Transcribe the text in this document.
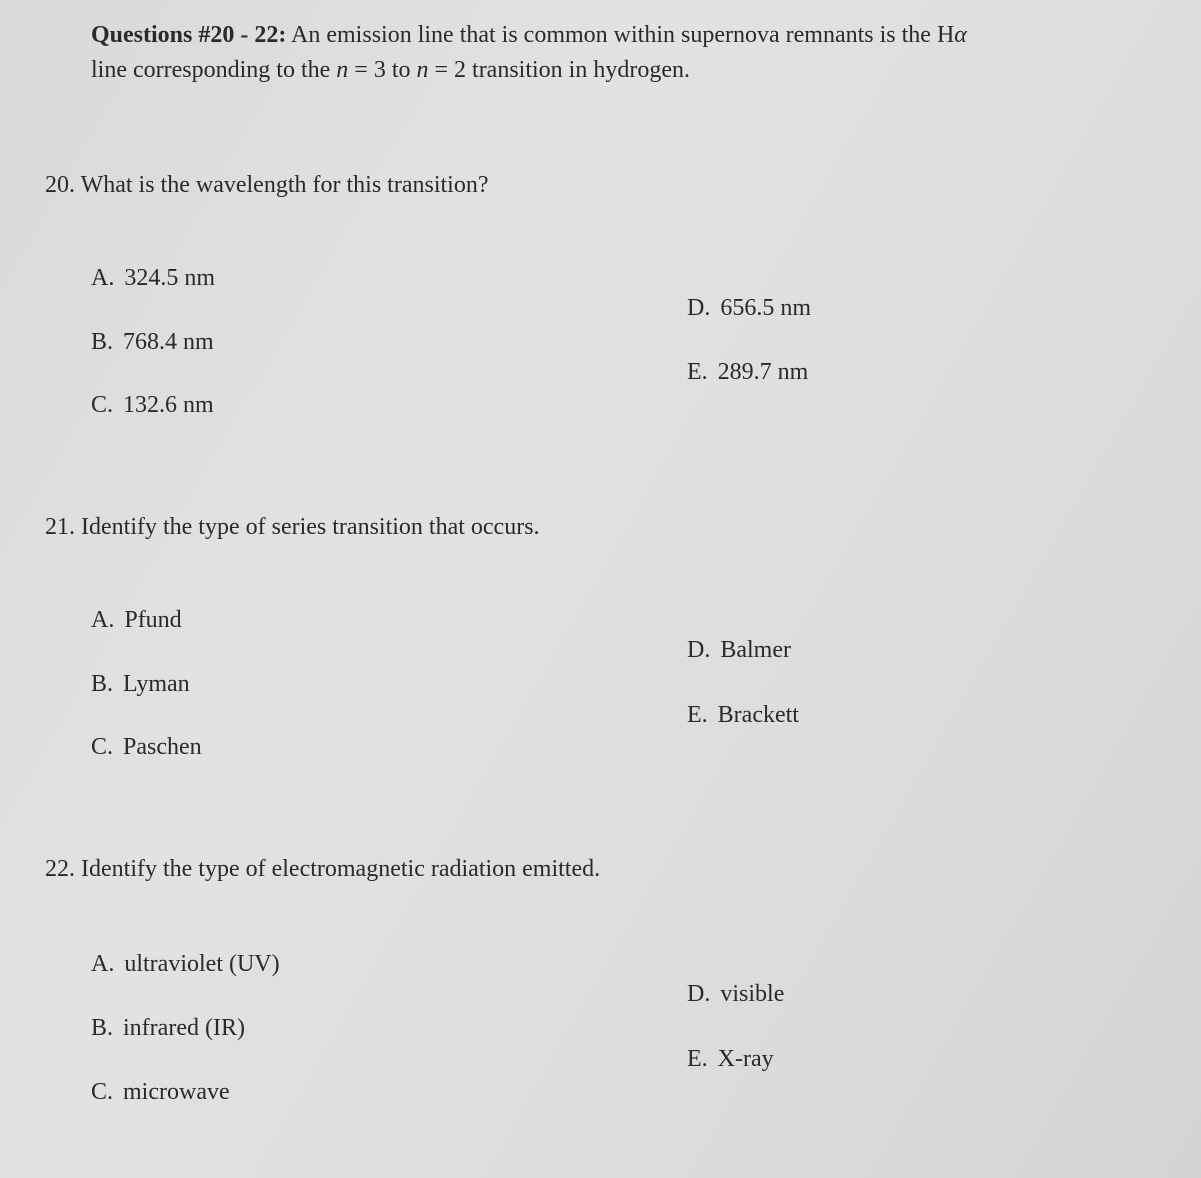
Questions #20 - 22: An emission line that is common within supernova remnants is the Hα
line corresponding to the n = 3 to n = 2 transition in hydrogen.
20. What is the wavelength for this transition?
A. 324.5 nm
B. 768.4 nm
C. 132.6 nm
D. 656.5 nm
E. 289.7 nm
21. Identify the type of series transition that occurs.
A. Pfund
B. Lyman
C. Paschen
D. Balmer
E. Brackett
22. Identify the type of electromagnetic radiation emitted.
A. ultraviolet (UV)
B. infrared (IR)
C. microwave
D. visible
E. X-ray
